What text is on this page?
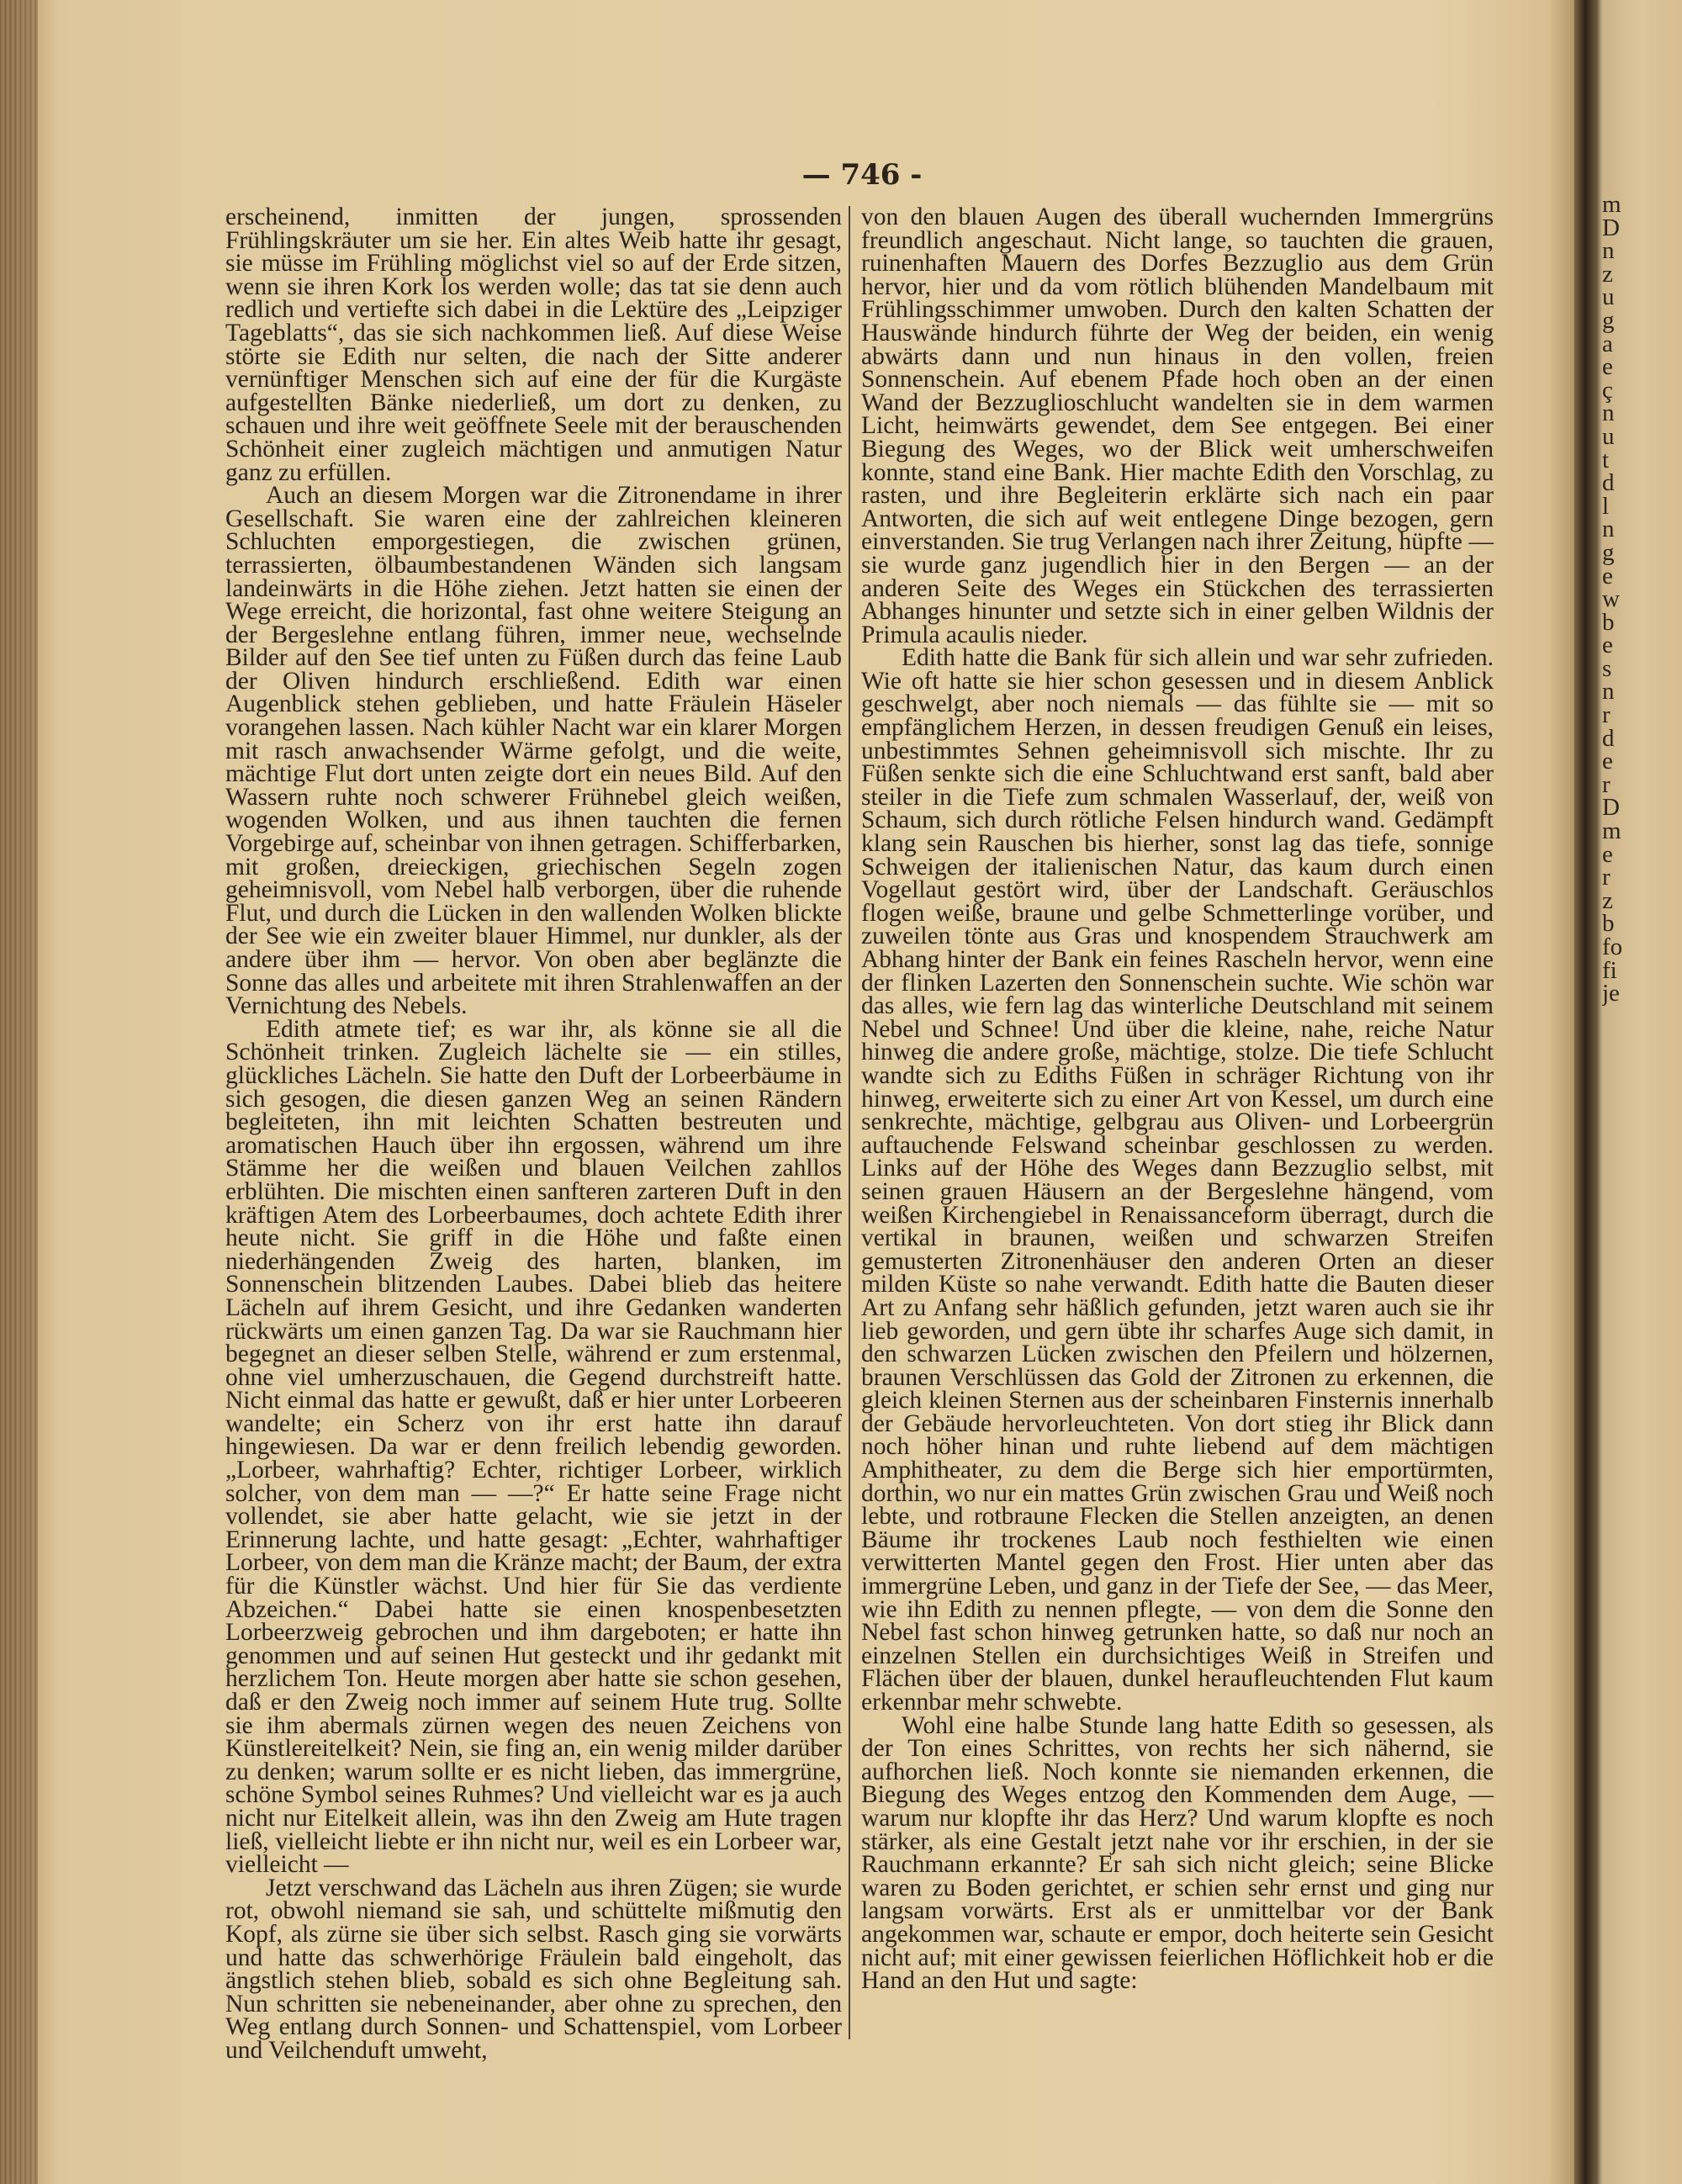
— 746 -

erscheinend, inmitten der jungen, sprossenden Frühlingskräuter um sie her. Ein altes Weib hatte ihr gesagt, sie müsse im Frühling möglichst viel so auf der Erde sitzen, wenn sie ihren Kork los werden wolle; das tat sie denn auch redlich und vertiefte sich dabei in die Lektüre des „Leipziger Tageblatts“, das sie sich nachkommen ließ. Auf diese Weise störte sie Edith nur selten, die nach der Sitte anderer vernünftiger Menschen sich auf eine der für die Kurgäste aufgestellten Bänke niederließ, um dort zu denken, zu schauen und ihre weit geöffnete Seele mit der berauschenden Schönheit einer zugleich mächtigen und anmutigen Natur ganz zu erfüllen.

Auch an diesem Morgen war die Zitronendame in ihrer Gesellschaft. Sie waren eine der zahlreichen kleineren Schluchten emporgestiegen, die zwischen grünen, terrassierten, ölbaumbestandenen Wänden sich langsam landeinwärts in die Höhe ziehen. Jetzt hatten sie einen der Wege erreicht, die horizontal, fast ohne weitere Steigung an der Bergeslehne entlang führen, immer neue, wechselnde Bilder auf den See tief unten zu Füßen durch das feine Laub der Oliven hindurch erschließend. Edith war einen Augenblick stehen geblieben, und hatte Fräulein Häseler vorangehen lassen. Nach kühler Nacht war ein klarer Morgen mit rasch anwachsender Wärme gefolgt, und die weite, mächtige Flut dort unten zeigte dort ein neues Bild. Auf den Wassern ruhte noch schwerer Frühnebel gleich weißen, wogenden Wolken, und aus ihnen tauchten die fernen Vorgebirge auf, scheinbar von ihnen getragen. Schifferbarken, mit großen, dreieckigen, griechischen Segeln zogen geheimnisvoll, vom Nebel halb verborgen, über die ruhende Flut, und durch die Lücken in den wallenden Wolken blickte der See wie ein zweiter blauer Himmel, nur dunkler, als der andere über ihm — hervor. Von oben aber beglänzte die Sonne das alles und arbeitete mit ihren Strahlenwaffen an der Vernichtung des Nebels.

Edith atmete tief; es war ihr, als könne sie all die Schönheit trinken. Zugleich lächelte sie — ein stilles, glückliches Lächeln. Sie hatte den Duft der Lorbeerbäume in sich gesogen, die diesen ganzen Weg an seinen Rändern begleiteten, ihn mit leichten Schatten bestreuten und aromatischen Hauch über ihn ergossen, während um ihre Stämme her die weißen und blauen Veilchen zahllos erblühten. Die mischten einen sanfteren zarteren Duft in den kräftigen Atem des Lorbeerbaumes, doch achtete Edith ihrer heute nicht. Sie griff in die Höhe und faßte einen niederhängenden Zweig des harten, blanken, im Sonnenschein blitzenden Laubes. Dabei blieb das heitere Lächeln auf ihrem Gesicht, und ihre Gedanken wanderten rückwärts um einen ganzen Tag. Da war sie Rauchmann hier begegnet an dieser selben Stelle, während er zum erstenmal, ohne viel umherzuschauen, die Gegend durchstreift hatte. Nicht einmal das hatte er gewußt, daß er hier unter Lorbeeren wandelte; ein Scherz von ihr erst hatte ihn darauf hingewiesen. Da war er denn freilich lebendig geworden. „Lorbeer, wahrhaftig? Echter, richtiger Lorbeer, wirklich solcher, von dem man — —?“ Er hatte seine Frage nicht vollendet, sie aber hatte gelacht, wie sie jetzt in der Erinnerung lachte, und hatte gesagt: „Echter, wahrhaftiger Lorbeer, von dem man die Kränze macht; der Baum, der extra für die Künstler wächst. Und hier für Sie das verdiente Abzeichen.“ Dabei hatte sie einen knospenbesetzten Lorbeerzweig gebrochen und ihm dargeboten; er hatte ihn genommen und auf seinen Hut gesteckt und ihr gedankt mit herzlichem Ton. Heute morgen aber hatte sie schon gesehen, daß er den Zweig noch immer auf seinem Hute trug. Sollte sie ihm abermals zürnen wegen des neuen Zeichens von Künstlereitelkeit? Nein, sie fing an, ein wenig milder darüber zu denken; warum sollte er es nicht lieben, das immergrüne, schöne Symbol seines Ruhmes? Und vielleicht war es ja auch nicht nur Eitelkeit allein, was ihn den Zweig am Hute tragen ließ, vielleicht liebte er ihn nicht nur, weil es ein Lorbeer war, vielleicht —

Jetzt verschwand das Lächeln aus ihren Zügen; sie wurde rot, obwohl niemand sie sah, und schüttelte mißmutig den Kopf, als zürne sie über sich selbst. Rasch ging sie vorwärts und hatte das schwerhörige Fräulein bald eingeholt, das ängstlich stehen blieb, sobald es sich ohne Begleitung sah. Nun schritten sie nebeneinander, aber ohne zu sprechen, den Weg entlang durch Sonnen- und Schattenspiel, vom Lorbeer und Veilchenduft umweht,

von den blauen Augen des überall wuchernden Immergrüns freundlich angeschaut. Nicht lange, so tauchten die grauen, ruinenhaften Mauern des Dorfes Bezzuglio aus dem Grün hervor, hier und da vom rötlich blühenden Mandelbaum mit Frühlingsschimmer umwoben. Durch den kalten Schatten der Hauswände hindurch führte der Weg der beiden, ein wenig abwärts dann und nun hinaus in den vollen, freien Sonnenschein. Auf ebenem Pfade hoch oben an der einen Wand der Bezzuglioschlucht wandelten sie in dem warmen Licht, heimwärts gewendet, dem See entgegen. Bei einer Biegung des Weges, wo der Blick weit umherschweifen konnte, stand eine Bank. Hier machte Edith den Vorschlag, zu rasten, und ihre Begleiterin erklärte sich nach ein paar Antworten, die sich auf weit entlegene Dinge bezogen, gern einverstanden. Sie trug Verlangen nach ihrer Zeitung, hüpfte — sie wurde ganz jugendlich hier in den Bergen — an der anderen Seite des Weges ein Stückchen des terrassierten Abhanges hinunter und setzte sich in einer gelben Wildnis der Primula acaulis nieder.

Edith hatte die Bank für sich allein und war sehr zufrieden. Wie oft hatte sie hier schon gesessen und in diesem Anblick geschwelgt, aber noch niemals — das fühlte sie — mit so empfänglichem Herzen, in dessen freudigen Genuß ein leises, unbestimmtes Sehnen geheimnisvoll sich mischte. Ihr zu Füßen senkte sich die eine Schluchtwand erst sanft, bald aber steiler in die Tiefe zum schmalen Wasserlauf, der, weiß von Schaum, sich durch rötliche Felsen hindurch wand. Gedämpft klang sein Rauschen bis hierher, sonst lag das tiefe, sonnige Schweigen der italienischen Natur, das kaum durch einen Vogellaut gestört wird, über der Landschaft. Geräuschlos flogen weiße, braune und gelbe Schmetterlinge vorüber, und zuweilen tönte aus Gras und knospendem Strauchwerk am Abhang hinter der Bank ein feines Rascheln hervor, wenn eine der flinken Lazerten den Sonnenschein suchte. Wie schön war das alles, wie fern lag das winterliche Deutschland mit seinem Nebel und Schnee! Und über die kleine, nahe, reiche Natur hinweg die andere große, mächtige, stolze. Die tiefe Schlucht wandte sich zu Ediths Füßen in schräger Richtung von ihr hinweg, erweiterte sich zu einer Art von Kessel, um durch eine senkrechte, mächtige, gelbgrau aus Oliven- und Lorbeergrün auftauchende Felswand scheinbar geschlossen zu werden. Links auf der Höhe des Weges dann Bezzuglio selbst, mit seinen grauen Häusern an der Bergeslehne hängend, vom weißen Kirchengiebel in Renaissanceform überragt, durch die vertikal in braunen, weißen und schwarzen Streifen gemusterten Zitronenhäuser den anderen Orten an dieser milden Küste so nahe verwandt. Edith hatte die Bauten dieser Art zu Anfang sehr häßlich gefunden, jetzt waren auch sie ihr lieb geworden, und gern übte ihr scharfes Auge sich damit, in den schwarzen Lücken zwischen den Pfeilern und hölzernen, braunen Verschlüssen das Gold der Zitronen zu erkennen, die gleich kleinen Sternen aus der scheinbaren Finsternis innerhalb der Gebäude hervorleuchteten. Von dort stieg ihr Blick dann noch höher hinan und ruhte liebend auf dem mächtigen Amphitheater, zu dem die Berge sich hier emportürmten, dorthin, wo nur ein mattes Grün zwischen Grau und Weiß noch lebte, und rotbraune Flecken die Stellen anzeigten, an denen Bäume ihr trockenes Laub noch festhielten wie einen verwitterten Mantel gegen den Frost. Hier unten aber das immergrüne Leben, und ganz in der Tiefe der See, — das Meer, wie ihn Edith zu nennen pflegte, — von dem die Sonne den Nebel fast schon hinweg getrunken hatte, so daß nur noch an einzelnen Stellen ein durchsichtiges Weiß in Streifen und Flächen über der blauen, dunkel heraufleuchtenden Flut kaum erkennbar mehr schwebte.

Wohl eine halbe Stunde lang hatte Edith so gesessen, als der Ton eines Schrittes, von rechts her sich nähernd, sie aufhorchen ließ. Noch konnte sie niemanden erkennen, die Biegung des Weges entzog den Kommenden dem Auge, — warum nur klopfte ihr das Herz? Und warum klopfte es noch stärker, als eine Gestalt jetzt nahe vor ihr erschien, in der sie Rauchmann erkannte? Er sah sich nicht gleich; seine Blicke waren zu Boden gerichtet, er schien sehr ernst und ging nur langsam vorwärts. Erst als er unmittelbar vor der Bank angekommen war, schaute er empor, doch heiterte sein Gesicht nicht auf; mit einer gewissen feierlichen Höflichkeit hob er die Hand an den Hut und sagte:

m
D
n
z
u
g
a
e
ç
n
u
t
d
l
n
g
e
w
b
e
s
n
r
d
e
r
D
m
e
r
z
b
fo
fi
je
